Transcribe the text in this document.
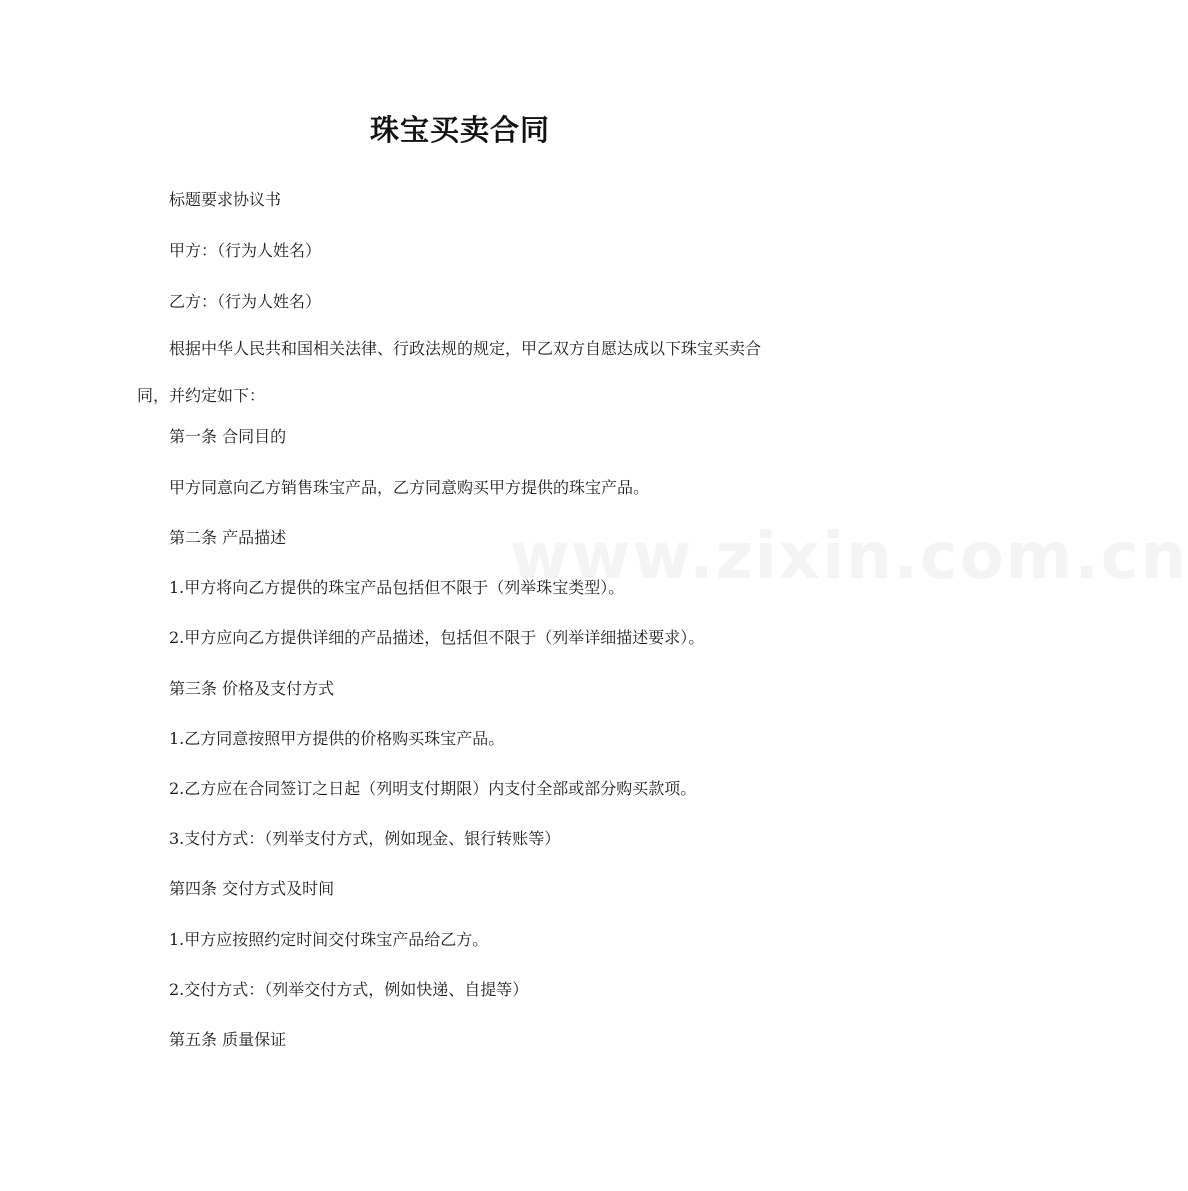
www.zixin.com.cn
珠宝买卖合同

标题要求协议书

甲方：（行为人姓名）

乙方：（行为人姓名）

根据中华人民共和国相关法律、行政法规的规定，甲乙双方自愿达成以下珠宝买卖合同，并约定如下：

第一条 合同目的

甲方同意向乙方销售珠宝产品，乙方同意购买甲方提供的珠宝产品。

第二条 产品描述

1.甲方将向乙方提供的珠宝产品包括但不限于（列举珠宝类型）。

2.甲方应向乙方提供详细的产品描述，包括但不限于（列举详细描述要求）。

第三条 价格及支付方式

1.乙方同意按照甲方提供的价格购买珠宝产品。

2.乙方应在合同签订之日起（列明支付期限）内支付全部或部分购买款项。

3.支付方式：（列举支付方式，例如现金、银行转账等）

第四条 交付方式及时间

1.甲方应按照约定时间交付珠宝产品给乙方。

2.交付方式：（列举交付方式，例如快递、自提等）

第五条 质量保证
